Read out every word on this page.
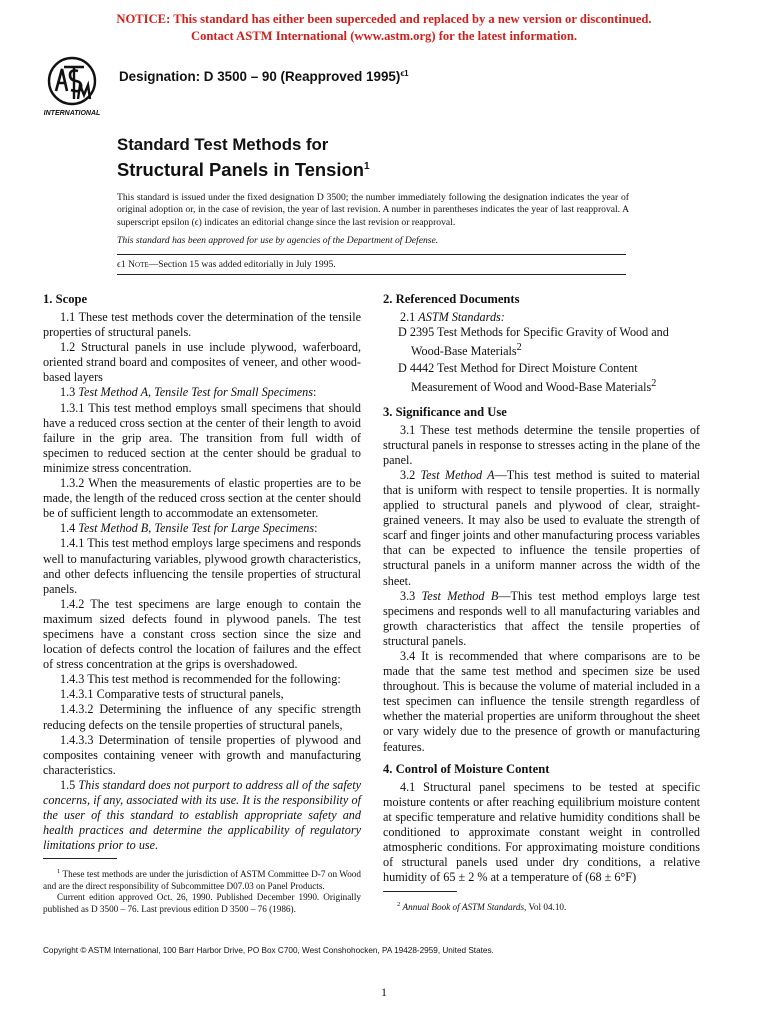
NOTICE: This standard has either been superceded and replaced by a new version or discontinued.
Contact ASTM International (www.astm.org) for the latest information.
INTERNATIONAL
Designation: D 3500 – 90 (Reapproved 1995)$^{\epsilon 1}$
Standard Test Methods for
Structural Panels in Tension$^1$
This standard is issued under the fixed designation D 3500; the number immediately following the designation indicates the year of original adoption or, in the case of revision, the year of last revision. A number in parentheses indicates the year of last reapproval. A superscript epsilon (ϵ) indicates an editorial change since the last revision or reapproval.
This standard has been approved for use by agencies of the Department of Defense.
ϵ1 Note—Section 15 was added editorially in July 1995.
1. Scope

1.1 These test methods cover the determination of the tensile properties of structural panels.

1.2 Structural panels in use include plywood, waferboard, oriented strand board and composites of veneer, and other wood-based layers

1.3 Test Method A, Tensile Test for Small Specimens:

1.3.1 This test method employs small specimens that should have a reduced cross section at the center of their length to avoid failure in the grip area. The transition from full width of specimen to reduced section at the center should be gradual to minimize stress concentration.

1.3.2 When the measurements of elastic properties are to be made, the length of the reduced cross section at the center should be of sufficient length to accommodate an extensometer.

1.4 Test Method B, Tensile Test for Large Specimens:

1.4.1 This test method employs large specimens and responds well to manufacturing variables, plywood growth characteristics, and other defects influencing the tensile properties of structural panels.

1.4.2 The test specimens are large enough to contain the maximum sized defects found in plywood panels. The test specimens have a constant cross section since the size and location of defects control the location of failures and the effect of stress concentration at the grips is overshadowed.

1.4.3 This test method is recommended for the following:

1.4.3.1 Comparative tests of structural panels,

1.4.3.2 Determining the influence of any specific strength reducing defects on the tensile properties of structural panels,

1.4.3.3 Determination of tensile properties of plywood and composites containing veneer with growth and manufacturing characteristics.

1.5 This standard does not purport to address all of the safety concerns, if any, associated with its use. It is the responsibility of the user of this standard to establish appropriate safety and health practices and determine the applicability of regulatory limitations prior to use.

2. Referenced Documents

2.1 ASTM Standards:

D 2395 Test Methods for Specific Gravity of Wood and Wood-Base Materials$^2$

D 4442 Test Method for Direct Moisture Content Measurement of Wood and Wood-Base Materials$^2$

3. Significance and Use

3.1 These test methods determine the tensile properties of structural panels in response to stresses acting in the plane of the panel.

3.2 Test Method A—This test method is suited to material that is uniform with respect to tensile properties. It is normally applied to structural panels and plywood of clear, straight-grained veneers. It may also be used to evaluate the strength of scarf and finger joints and other manufacturing process variables that can be expected to influence the tensile properties of structural panels in a uniform manner across the width of the sheet.

3.3 Test Method B—This test method employs large test specimens and responds well to all manufacturing variables and growth characteristics that affect the tensile properties of structural panels.

3.4 It is recommended that where comparisons are to be made that the same test method and specimen size be used throughout. This is because the volume of material included in a test specimen can influence the tensile strength regardless of whether the material properties are uniform throughout the sheet or vary widely due to the presence of growth or manufacturing features.

4. Control of Moisture Content

4.1 Structural panel specimens to be tested at specific moisture contents or after reaching equilibrium moisture content at specific temperature and relative humidity conditions shall be conditioned to approximate constant weight in controlled atmospheric conditions. For approximating moisture conditions of structural panels used under dry conditions, a relative humidity of 65 ± 2 % at a temperature of (68 ± 6°F)

$^1$ These test methods are under the jurisdiction of ASTM Committee D-7 on Wood and are the direct responsibility of Subcommittee D07.03 on Panel Products.

Current edition approved Oct. 26, 1990. Published December 1990. Originally published as D 3500 – 76. Last previous edition D 3500 – 76 (1986).	$^2$ Annual Book of ASTM Standards, Vol 04.10.

Copyright © ASTM International, 100 Barr Harbor Drive, PO Box C700, West Conshohocken, PA 19428-2959, United States.
1
